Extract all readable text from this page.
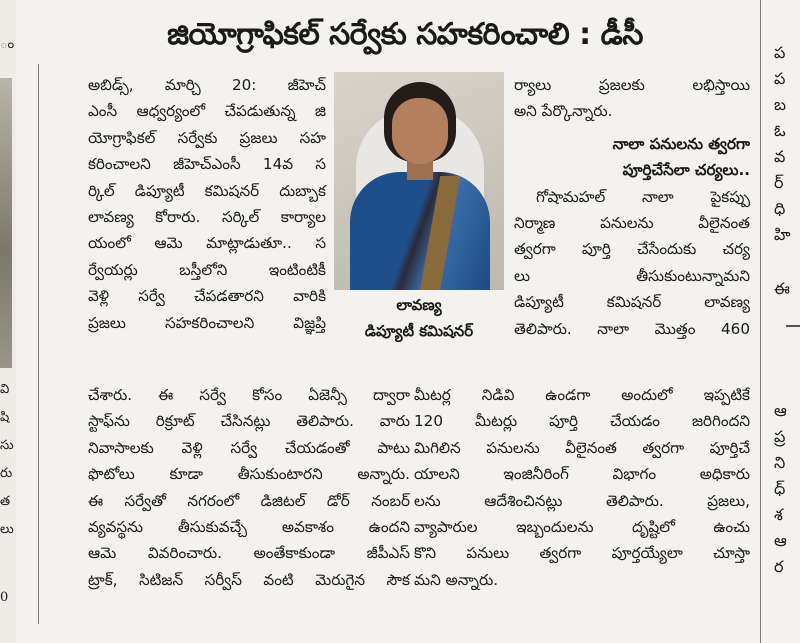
ం
వి
షి
సు
రు
త
లు
0
జియోగ్రాఫికల్ సర్వేకు సహకరించాలి : డీసీ
అబిడ్స్, మార్చి 20: జీహెచ్
ఎంసీ ఆధ్వర్యంలో చేపడుతున్న జి
యోగ్రాఫికల్ సర్వేకు ప్రజలు సహ
కరించాలని జీహెచ్ఎంసీ 14వ స
ర్కిల్ డిప్యూటీ కమిషనర్ దుబ్బాక
లావణ్య కోరారు. సర్కిల్ కార్యాల
యంలో ఆమె మాట్లాడుతూ.. స
ర్వేయర్లు బస్తీలోని ఇంటింటికీ
వెళ్లి సర్వే చేపడతారని వారికి
ప్రజలు సహకరించాలని విజ్ఞప్తి
చేశారు. ఈ సర్వే కోసం ఏజెన్సీ ద్వారా
స్టాఫ్‌ను రిక్రూట్ చేసినట్లు తెలిపారు. వారు
నివాసాలకు వెళ్లి సర్వే చేయడంతో పాటు
ఫొటోలు కూడా తీసుకుంటారని అన్నారు.
ఈ సర్వేతో నగరంలో డిజిటల్ డోర్ నంబర్
వ్యవస్థను తీసుకువచ్చే అవకాశం ఉందని
ఆమె వివరించారు. అంతేకాకుండా జీపీఎస్
ట్రాక్, సిటిజన్ సర్వీస్ వంటి మెరుగైన సౌక
లావణ్య
డిప్యూటీ కమిషనర్
ర్యాలు ప్రజలకు లభిస్తాయి
అని పేర్కొన్నారు.
నాలా పనులను త్వరగా
పూర్తిచేసేలా చర్యలు..
గోషామహల్ నాలా పైకప్పు
నిర్మాణ పనులను వీలైనంత
త్వరగా పూర్తి చేసేందుకు చర్య
లు తీసుకుంటున్నామని
డిప్యూటీ కమిషనర్ లావణ్య
తెలిపారు. నాలా మొత్తం 460
మీటర్ల నిడివి ఉండగా అందులో ఇప్పటికే
120 మీటర్లు పూర్తి చేయడం జరిగిందని
మిగిలిన పనులను వీలైనంత త్వరగా పూర్తిచే
యాలని ఇంజినీరింగ్ విభాగం అధికారు
లను ఆదేశించినట్లు తెలిపారు. ప్రజలు,
వ్యాపారుల ఇబ్బందులను దృష్టిలో ఉంచు
కొని పనులు త్వరగా పూర్తయ్యేలా చూస్తా
మని అన్నారు.
ప
ప
బ
ఓ
వ
ర్
ధి
హి
ఈ
ఆ
ప్ర
ని
ధ్
శ
ఆ
ర
